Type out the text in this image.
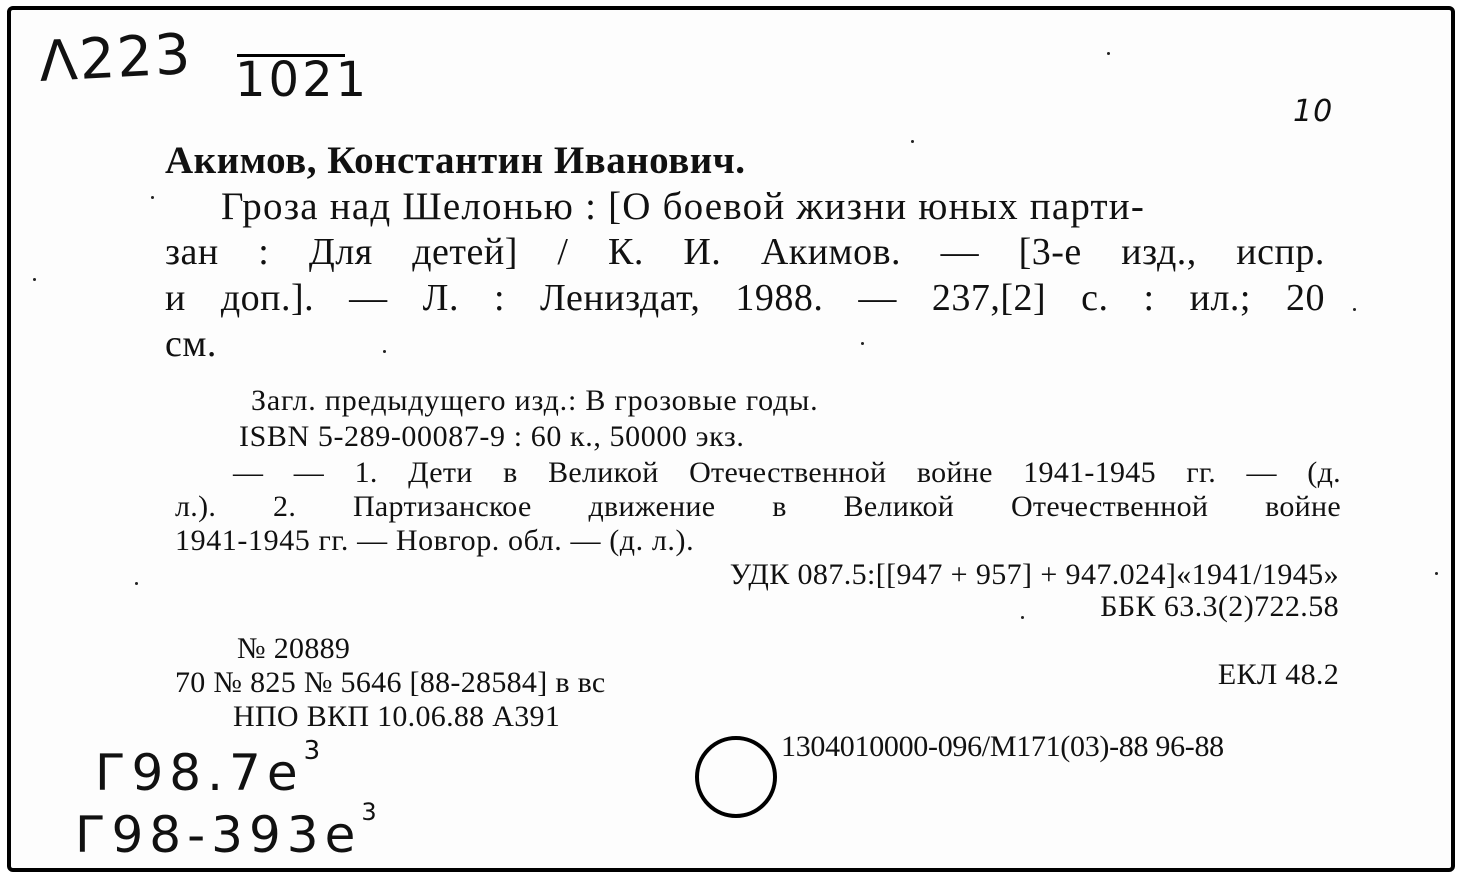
Λ223 1021
10
Акимов, Константин Иванович.
Гроза над Шелонью : [О боевой жизни юных парти-
зан : Для детей] / К. И. Акимов. — [3-е изд., испр.
и доп.]. — Л. : Лениздат, 1988. — 237,[2] с. : ил.; 20
см.
Загл. предыдущего изд.: В грозовые годы.
ISBN 5-289-00087-9 : 60 к., 50000 экз.
— — 1. Дети в Великой Отечественной войне 1941-1945 гг. — (д.
л.). 2. Партизанское движение в Великой Отечественной войне
1941-1945 гг. — Новгор. обл. — (д. л.).
УДК 087.5:[[947 + 957] + 947.024]«1941/1945»
ББК 63.3(2)722.58
№ 20889
70 № 825 № 5646 [88-28584] в вс	ЕКЛ 48.2
НПО ВКП 10.06.88 А391
1304010000-096/М171(03)-88 96-88
$Г98.7е^3$
$Г98-393е^3$
